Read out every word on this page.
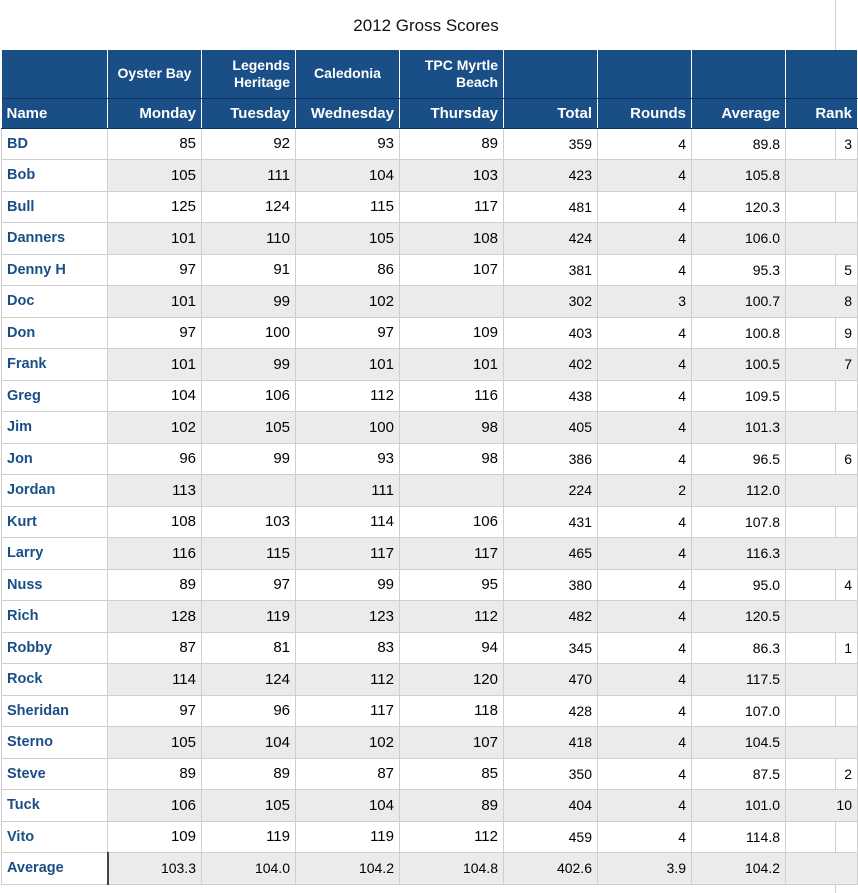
2012 Gross Scores
	Oyster Bay	Legends Heritage	Caledonia	TPC Myrtle Beach				
Name	Monday	Tuesday	Wednesday	Thursday	Total	Rounds	Average	Rank
BD	85	92	93	89	359	4	89.8	3
Bob	105	111	104	103	423	4	105.8	
Bull	125	124	115	117	481	4	120.3	
Danners	101	110	105	108	424	4	106.0	
Denny H	97	91	86	107	381	4	95.3	5
Doc	101	99	102		302	3	100.7	8
Don	97	100	97	109	403	4	100.8	9
Frank	101	99	101	101	402	4	100.5	7
Greg	104	106	112	116	438	4	109.5	
Jim	102	105	100	98	405	4	101.3	
Jon	96	99	93	98	386	4	96.5	6
Jordan	113		111		224	2	112.0	
Kurt	108	103	114	106	431	4	107.8	
Larry	116	115	117	117	465	4	116.3	
Nuss	89	97	99	95	380	4	95.0	4
Rich	128	119	123	112	482	4	120.5	
Robby	87	81	83	94	345	4	86.3	1
Rock	114	124	112	120	470	4	117.5	
Sheridan	97	96	117	118	428	4	107.0	
Sterno	105	104	102	107	418	4	104.5	
Steve	89	89	87	85	350	4	87.5	2
Tuck	106	105	104	89	404	4	101.0	10
Vito	109	119	119	112	459	4	114.8	
Average	103.3	104.0	104.2	104.8	402.6	3.9	104.2	
